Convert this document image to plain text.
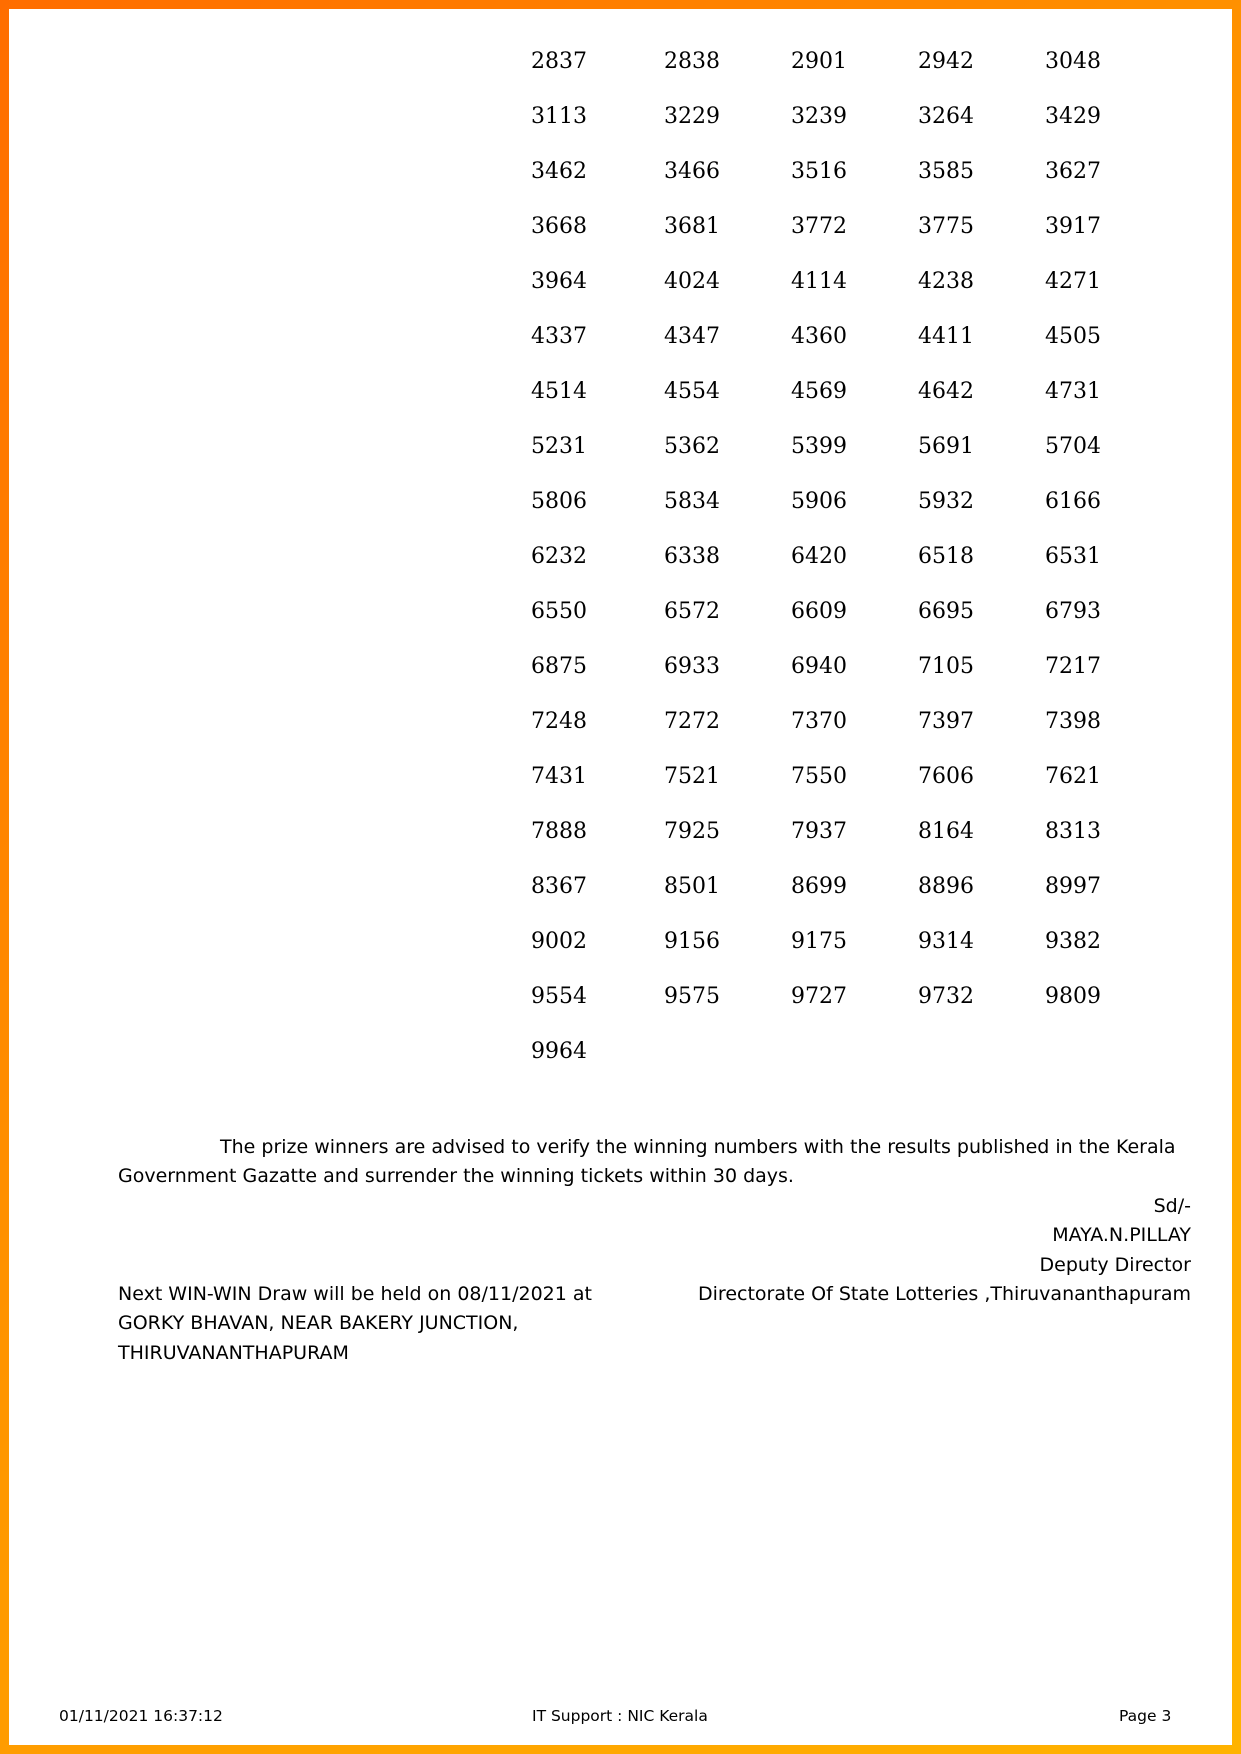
2837	2838	2901	2942	3048
3113	3229	3239	3264	3429
3462	3466	3516	3585	3627
3668	3681	3772	3775	3917
3964	4024	4114	4238	4271
4337	4347	4360	4411	4505
4514	4554	4569	4642	4731
5231	5362	5399	5691	5704
5806	5834	5906	5932	6166
6232	6338	6420	6518	6531
6550	6572	6609	6695	6793
6875	6933	6940	7105	7217
7248	7272	7370	7397	7398
7431	7521	7550	7606	7621
7888	7925	7937	8164	8313
8367	8501	8699	8896	8997
9002	9156	9175	9314	9382
9554	9575	9727	9732	9809
9964
The prize winners are advised to verify the winning numbers with the results published in the Kerala
Government Gazatte and surrender the winning tickets within 30 days.
Sd/-
MAYA.N.PILLAY
Deputy Director
Directorate Of State Lotteries ,Thiruvananthapuram
Next WIN-WIN Draw will be held on 08/11/2021 at
GORKY BHAVAN, NEAR BAKERY JUNCTION,
THIRUVANANTHAPURAM
01/11/2021 16:37:12	IT Support : NIC Kerala	Page 3
